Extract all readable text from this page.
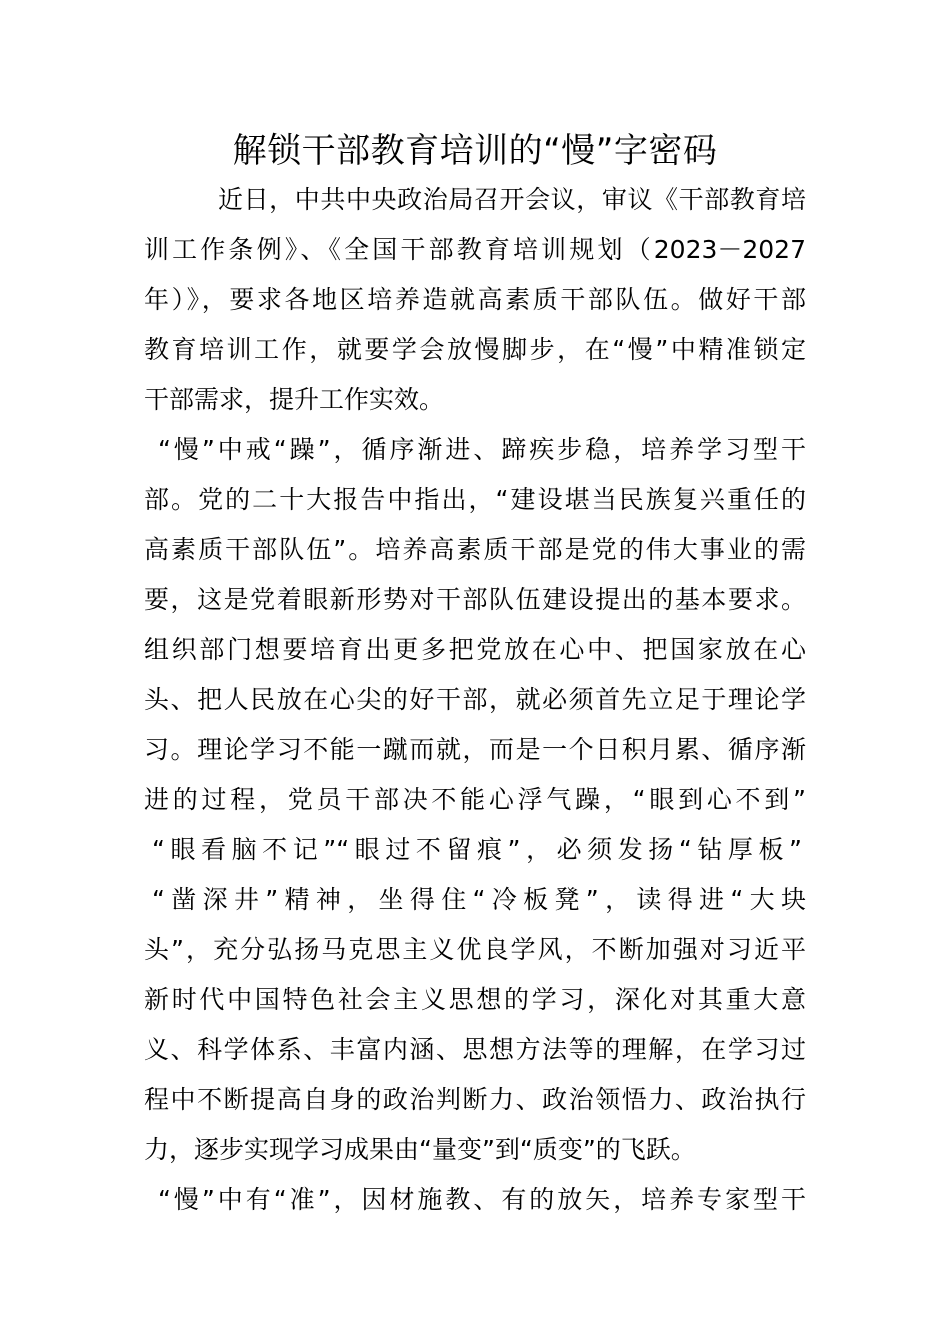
解锁干部教育培训的“慢”字密码
近日，中共中央政治局召开会议，审议《干部教育培
训工作条例》、《全国干部教育培训规划（2023－2027
年）》，要求各地区培养造就高素质干部队伍。做好干部
教育培训工作，就要学会放慢脚步，在“慢”中精准锁定
干部需求，提升工作实效。
“慢”中戒“躁”，循序渐进、蹄疾步稳，培养学习型干
部。党的二十大报告中指出，“建设堪当民族复兴重任的
高素质干部队伍”。培养高素质干部是党的伟大事业的需
要，这是党着眼新形势对干部队伍建设提出的基本要求。
组织部门想要培育出更多把党放在心中、把国家放在心
头、把人民放在心尖的好干部，就必须首先立足于理论学
习。理论学习不能一蹴而就，而是一个日积月累、循序渐
进的过程，党员干部决不能心浮气躁，“眼到心不到”
“眼看脑不记”“眼过不留痕”，必须发扬“钻厚板”
“凿深井”精神，坐得住“冷板凳”，读得进“大块
头”，充分弘扬马克思主义优良学风，不断加强对习近平
新时代中国特色社会主义思想的学习，深化对其重大意
义、科学体系、丰富内涵、思想方法等的理解，在学习过
程中不断提高自身的政治判断力、政治领悟力、政治执行
力，逐步实现学习成果由“量变”到“质变”的飞跃。
“慢”中有“准”，因材施教、有的放矢，培养专家型干
